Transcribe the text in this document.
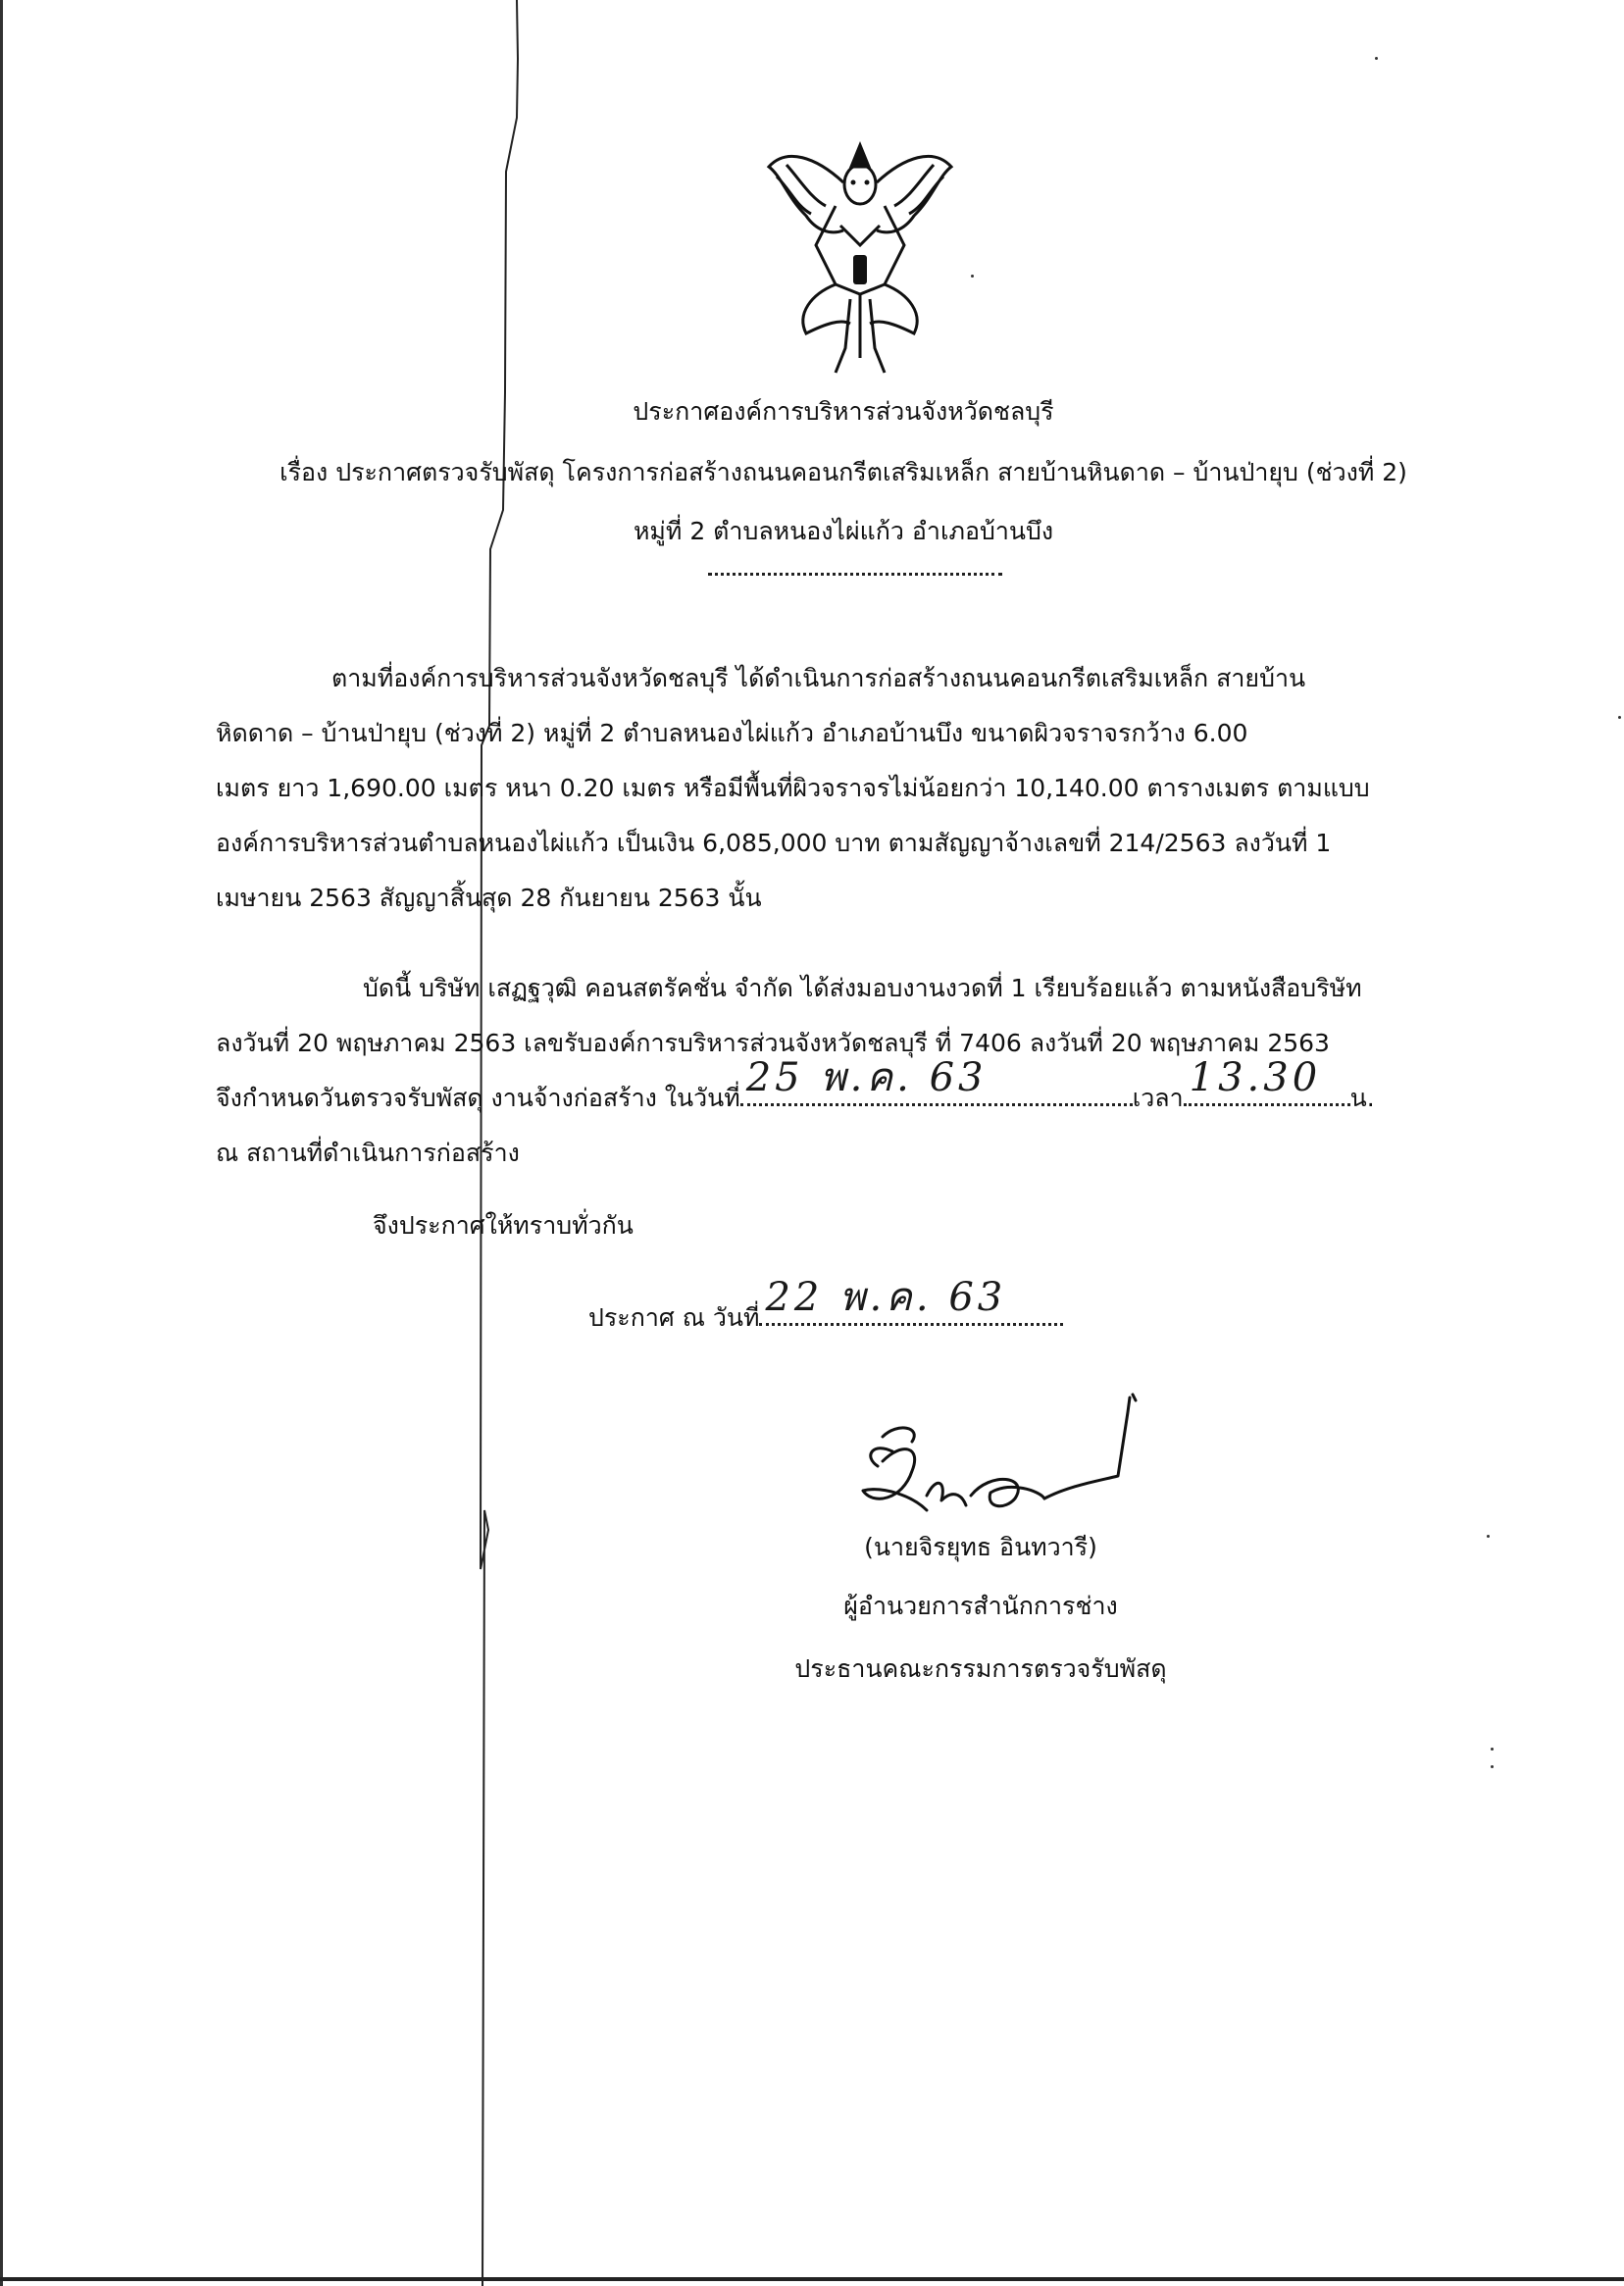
ประกาศองค์การบริหารส่วนจังหวัดชลบุรี
เรื่อง ประกาศตรวจรับพัสดุ โครงการก่อสร้างถนนคอนกรีตเสริมเหล็ก สายบ้านหินดาด – บ้านป่ายุบ (ช่วงที่ 2)
หมู่ที่ 2 ตำบลหนองไผ่แก้ว อำเภอบ้านบึง
ตามที่องค์การบริหารส่วนจังหวัดชลบุรี ได้ดำเนินการก่อสร้างถนนคอนกรีตเสริมเหล็ก สายบ้าน
หิดดาด – บ้านป่ายุบ (ช่วงที่ 2) หมู่ที่ 2 ตำบลหนองไผ่แก้ว อำเภอบ้านบึง ขนาดผิวจราจรกว้าง 6.00
เมตร ยาว 1,690.00 เมตร หนา 0.20 เมตร หรือมีพื้นที่ผิวจราจรไม่น้อยกว่า 10,140.00 ตารางเมตร ตามแบบ
องค์การบริหารส่วนตำบลหนองไผ่แก้ว เป็นเงิน 6,085,000 บาท ตามสัญญาจ้างเลขที่ 214/2563 ลงวันที่ 1
เมษายน 2563 สัญญาสิ้นสุด 28 กันยายน 2563 นั้น
บัดนี้ บริษัท เสฏฐวุฒิ คอนสตรัคชั่น จำกัด ได้ส่งมอบงานงวดที่ 1 เรียบร้อยแล้ว ตามหนังสือบริษัท
ลงวันที่ 20 พฤษภาคม 2563 เลขรับองค์การบริหารส่วนจังหวัดชลบุรี ที่ 7406 ลงวันที่ 20 พฤษภาคม 2563
จึงกำหนดวันตรวจรับพัสดุ งานจ้างก่อสร้าง ในวันที่ 25 พ.ค. 63	เวลา 13.30 น.
ณ สถานที่ดำเนินการก่อสร้าง
จึงประกาศให้ทราบทั่วกัน
ประกาศ ณ วันที่ 22 พ.ค. 63
(นายจิรยุทธ อินทวารี)
ผู้อำนวยการสำนักการช่าง
ประธานคณะกรรมการตรวจรับพัสดุ
